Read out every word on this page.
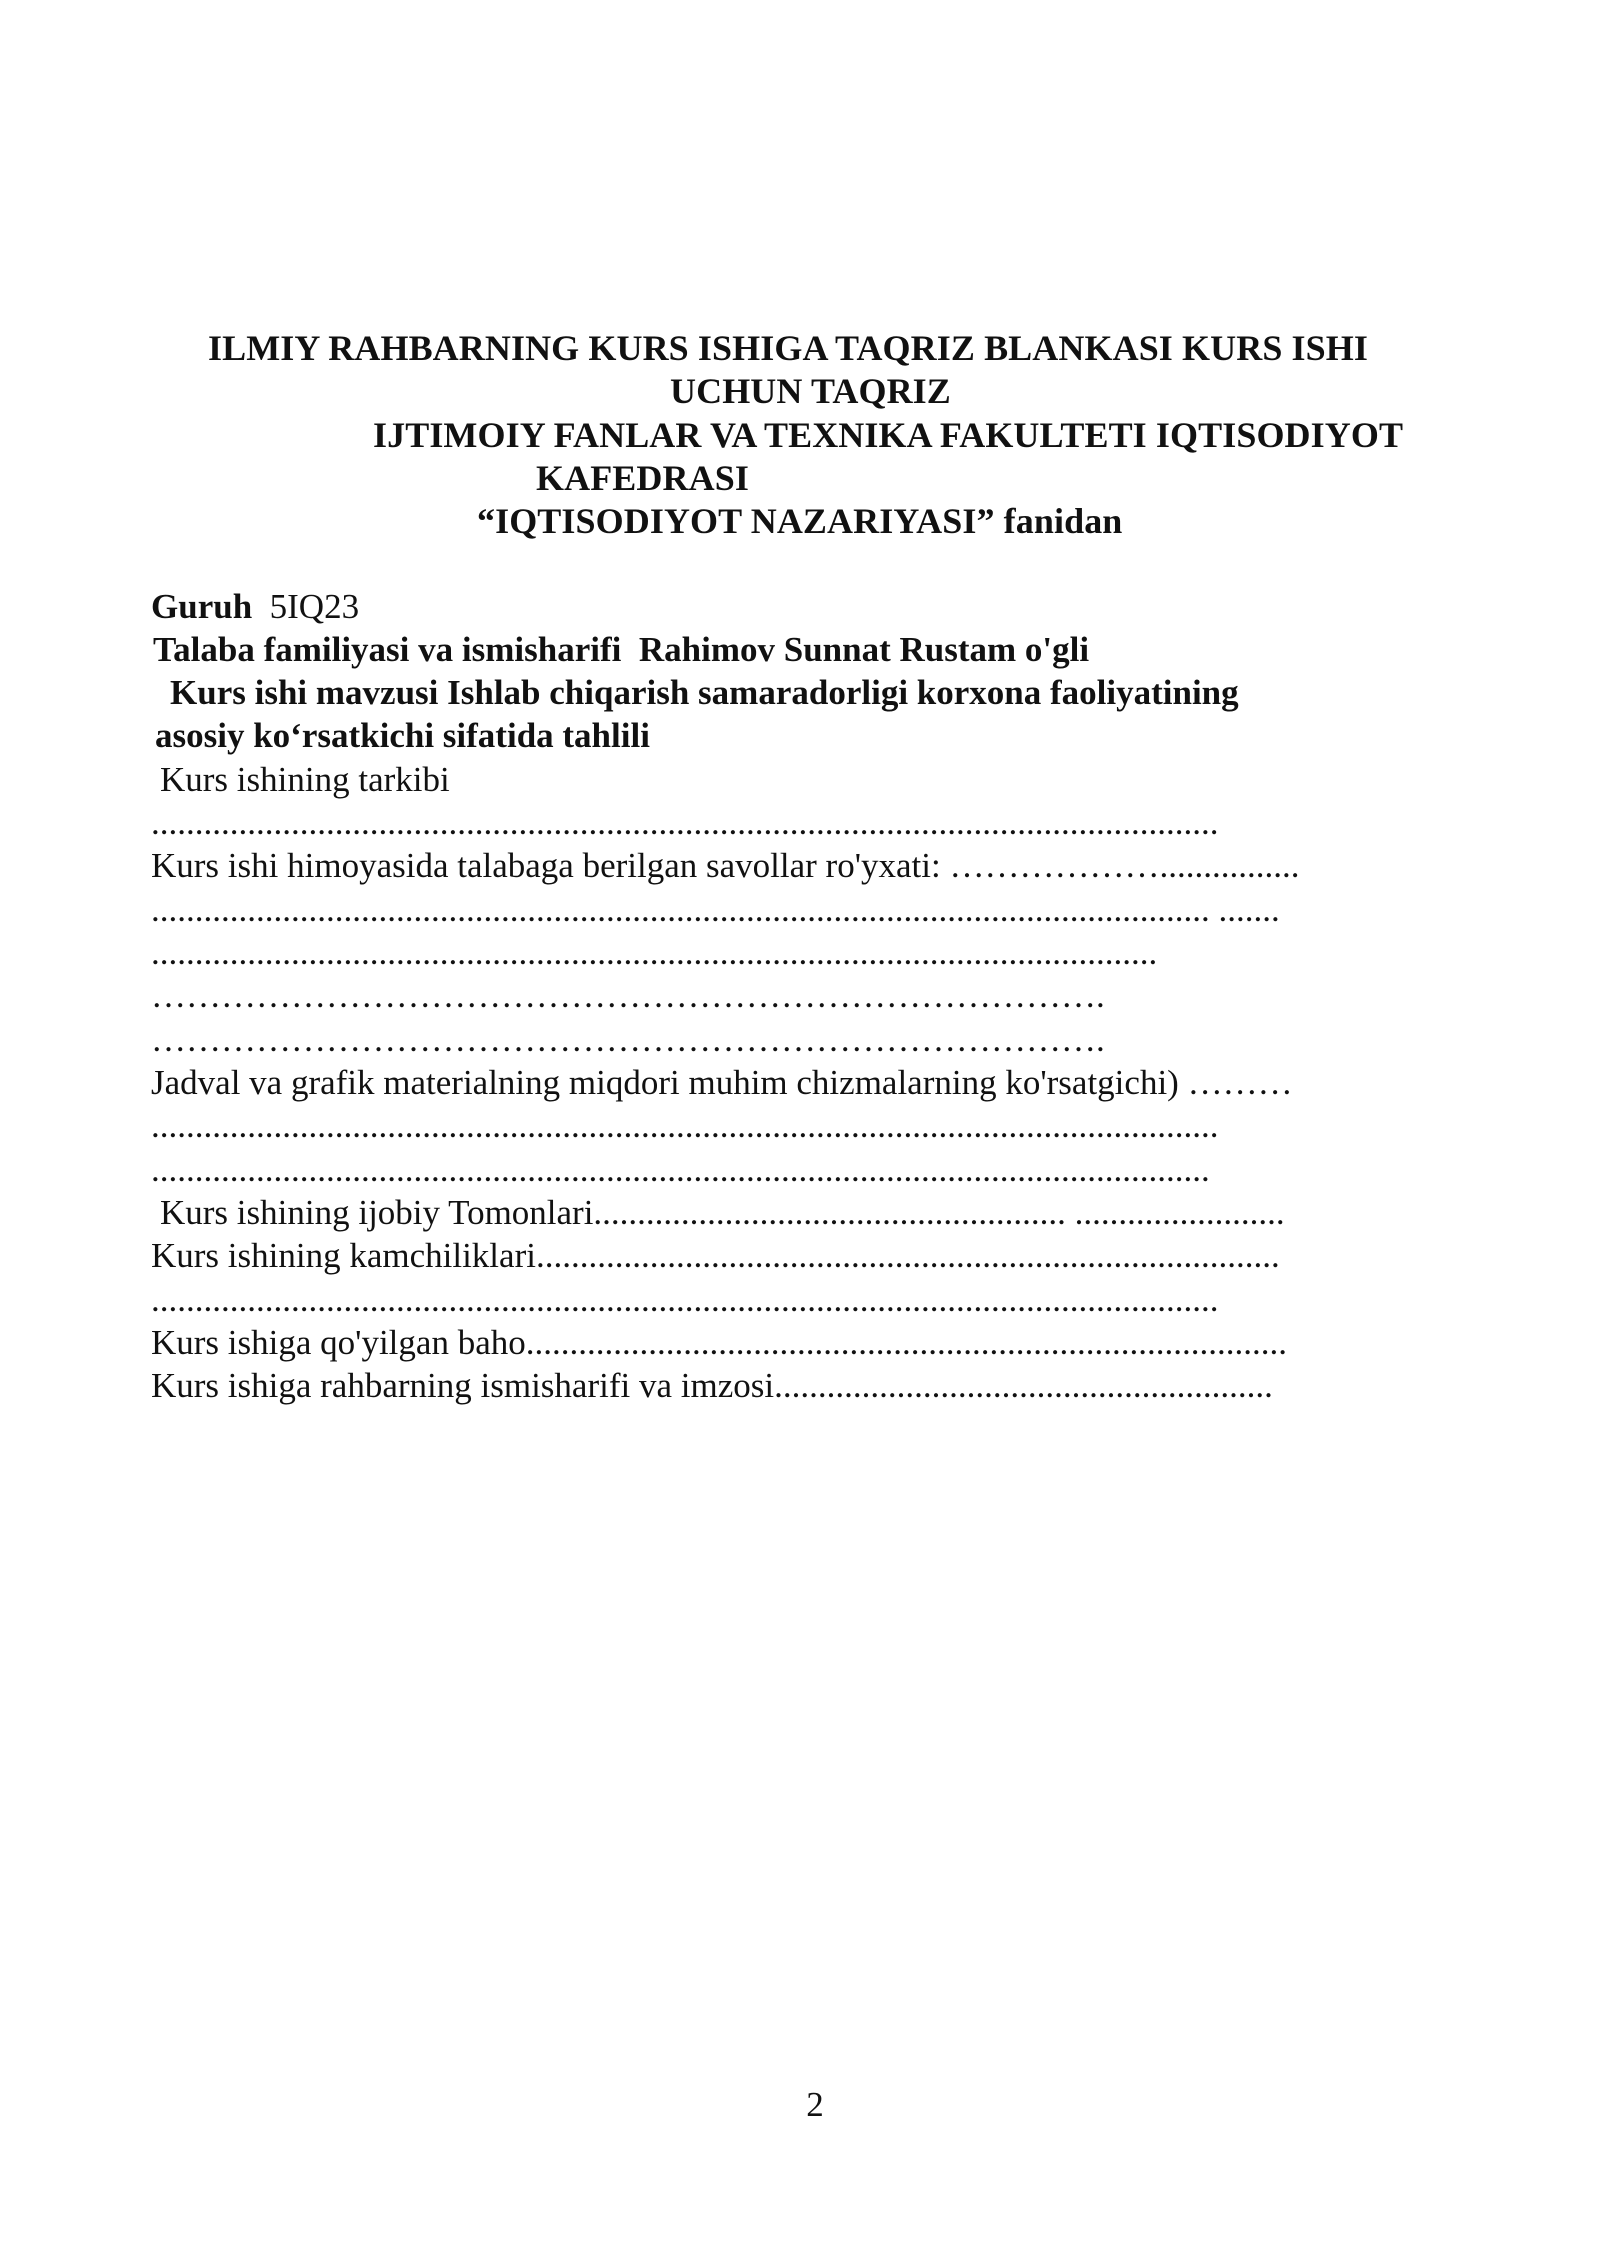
ILMIY RAHBARNING KURS ISHIGA TAQRIZ BLANKASI KURS ISHI
UCHUN TAQRIZ
IJTIMOIY FANLAR VA TEXNIKA FAKULTETI IQTISODIYOT
KAFEDRASI
“IQTISODIYOT NAZARIYASI” fanidan
Guruh 5IQ23
Talaba familiyasi va ismisharifi Rahimov Sunnat Rustam o'gli
Kurs ishi mavzusi Ishlab chiqarish samaradorligi korxona faoliyatining
asosiy ko‘rsatkichi sifatida tahlili
Kurs ishining tarkibi
..........................................................................................................................
Kurs ishi himoyasida talabaga berilgan savollar ro'yxati: ………………................
......................................................................................................................... .......
...................................................................................................................
……………………………………………………………………….
……………………………………………………………………….
Jadval va grafik materialning miqdori muhim chizmalarning ko'rsatgichi) ………
..........................................................................................................................
.........................................................................................................................
Kurs ishining ijobiy Tomonlari...................................................... ........................
Kurs ishining kamchiliklari.....................................................................................
..........................................................................................................................
Kurs ishiga qo'yilgan baho.......................................................................................
Kurs ishiga rahbarning ismisharifi va imzosi.........................................................
2
